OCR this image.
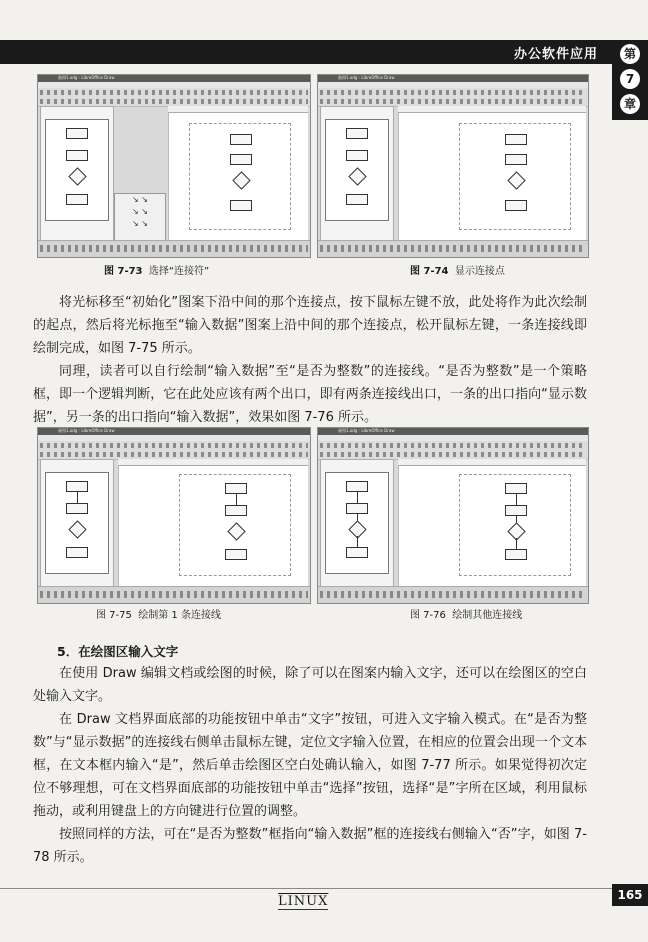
办公软件应用	第
7
章
画图1.odg - LibreOffice Draw
↘ ↘
↘ ↘
↘ ↘
图 7-73 选择“连接符”
画图1.odg - LibreOffice Draw
图 7-74 显示连接点

将光标移至“初始化”图案下沿中间的那个连接点，按下鼠标左键不放，此处将作为此次绘制的起点，然后将光标拖至“输入数据”图案上沿中间的那个连接点，松开鼠标左键，一条连接线即绘制完成，如图 7-75 所示。

同理，读者可以自行绘制“输入数据”至“是否为整数”的连接线。“是否为整数”是一个策略框，即一个逻辑判断，它在此处应该有两个出口，即有两条连接线出口，一条的出口指向“显示数据”，另一条的出口指向“输入数据”，效果如图 7-76 所示。

画图1.odg - LibreOffice Draw
图 7-75 绘制第 1 条连接线
画图1.odg - LibreOffice Draw
图 7-76 绘制其他连接线
5．在绘图区输入文字

在使用 Draw 编辑文档或绘图的时候，除了可以在图案内输入文字，还可以在绘图区的空白处输入文字。

在 Draw 文档界面底部的功能按钮中单击“文字”按钮，可进入文字输入模式。在“是否为整数”与“显示数据”的连接线右侧单击鼠标左键，定位文字输入位置，在相应的位置会出现一个文本框，在文本框内输入“是”，然后单击绘图区空白处确认输入，如图 7-77 所示。如果觉得初次定位不够理想，可在文档界面底部的功能按钮中单击“选择”按钮，选择“是”字所在区域，利用鼠标拖动，或利用键盘上的方向键进行位置的调整。

按照同样的方法，可在“是否为整数”框指向“输入数据”框的连接线右侧输入“否”字，如图 7-78 所示。

LINUX	165
